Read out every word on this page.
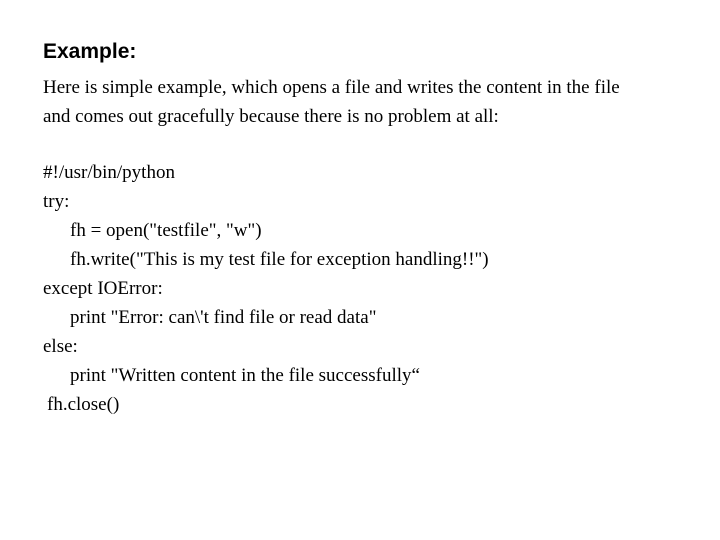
Example:
Here is simple example, which opens a file and writes the content in the file
and comes out gracefully because there is no problem at all:
#!/usr/bin/python
try:
fh = open("testfile", "w")
fh.write("This is my test file for exception handling!!")
except IOError:
print "Error: can\'t find file or read data"
else:
print "Written content in the file successfully“
fh.close()
